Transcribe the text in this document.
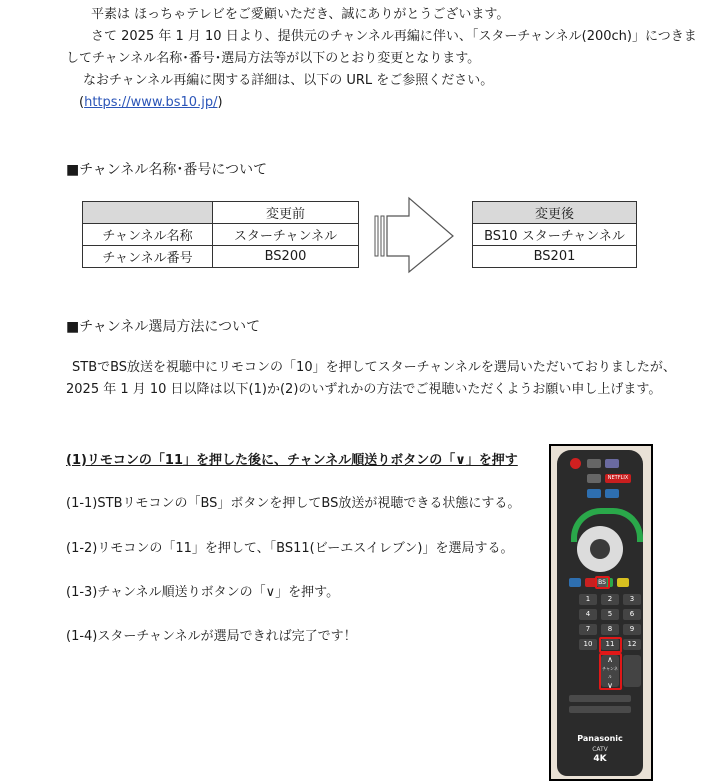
平素は ほっちゃテレビをご愛顧いただき、誠にありがとうございます。
さて 2025 年 1 月 10 日より、提供元のチャンネル再編に伴い、「スターチャンネル(200ch)」につきま
してチャンネル名称･番号･選局方法等が以下のとおり変更となります。
なおチャンネル再編に関する詳細は、以下の URL をご参照ください。
(https://www.bs10.jp/)
■チャンネル名称･番号について
	変更前
チャンネル名称	スターチャンネル
チャンネル番号	BS200
変更後
BS10 スターチャンネル
BS201
■チャンネル選局方法について
STBでBS放送を視聴中にリモコンの「10」を押してスターチャンネルを選局いただいておりましたが、
2025 年 1 月 10 日以降は以下(1)か(2)のいずれかの方法でご視聴いただくようお願い申し上げます。
(1)リモコンの「11」を押した後に、チャンネル順送りボタンの「∨」を押す
(1-1)STBリモコンの「BS」ボタンを押してBS放送が視聴できる状態にする。
(1-2)リモコンの「11」を押して、「BS11(ビーエスイレブン)」を選局する。
(1-3)チャンネル順送りボタンの「∨」を押す。
(1-4)スターチャンネルが選局できれば完了です！
NETFLIX
BS
1	2	3
4	5	6
7	8	9
10	11	12
∧
チャンネル
∨
Panasonic
CATV
4K
